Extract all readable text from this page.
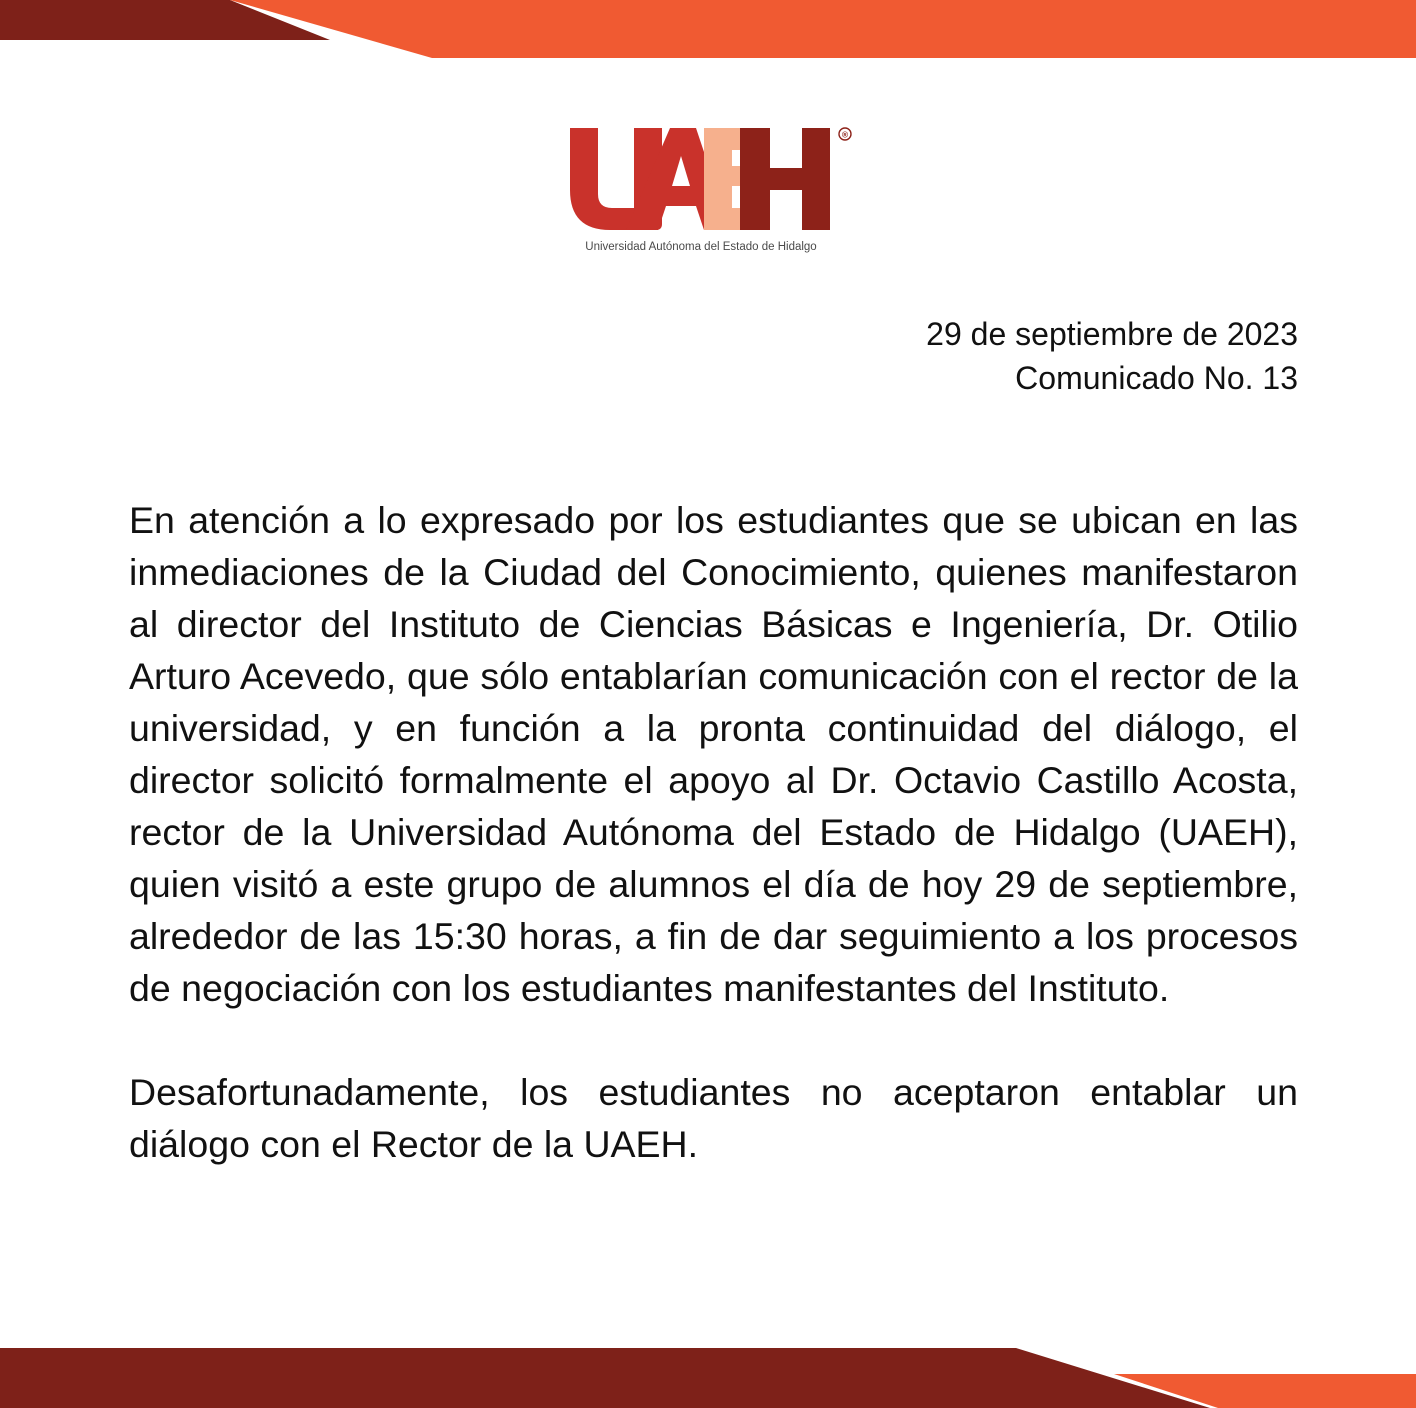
®
Universidad Autónoma del Estado de Hidalgo
29 de septiembre de 2023
Comunicado No. 13

En atención a lo expresado por los estudiantes que se ubican en las inmediaciones de la Ciudad del Conocimiento, quienes manifestaron al director del Instituto de Ciencias Básicas e Ingeniería, Dr. Otilio Arturo Acevedo, que sólo entablarían comunicación con el rector de la universidad, y en función a la pronta continuidad del diálogo, el director solicitó formalmente el apoyo al Dr. Octavio Castillo Acosta, rector de la Universidad Autónoma del Estado de Hidalgo (UAEH), quien visitó a este grupo de alumnos el día de hoy 29 de septiembre, alrededor de las 15:30 horas, a fin de dar seguimiento a los procesos de negociación con los estudiantes manifestantes del Instituto.

Desafortunadamente, los estudiantes no aceptaron entablar un diálogo con el Rector de la UAEH.
